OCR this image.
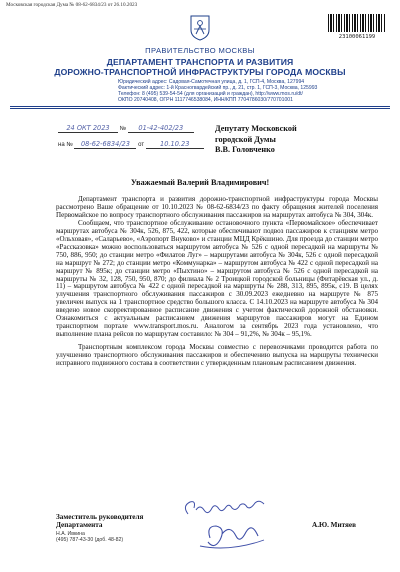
Московская городская Дума № 08-62-6834/23 от 26.10.2023
23100061199
ПРАВИТЕЛЬСТВО МОСКВЫ
ДЕПАРТАМЕНТ ТРАНСПОРТА И РАЗВИТИЯ
ДОРОЖНО-ТРАНСПОРТНОЙ ИНФРАСТРУКТУРЫ ГОРОДА МОСКВЫ
Юридический адрес: Садовая-Самотечная улица, д. 1, ГСП-4, Москва, 127994
Фактический адрес: 1-й Красногвардейский пр., д. 21, стр. 1, ГСП-3, Москва, 125993
Телефон: 8 (495) 539-54-54 (для организаций и граждан), http://www.mos.ru/dt/
ОКПО 20740408, ОГРН 1117746538084, ИНН/КПП 7704786030/770701001
24 ОКТ 2023 № 01-42-402/23
на № 08-62-6834/23 от 10.10.23
Депутату Московской
городской Думы
В.В. Головченко
Уважаемый Валерий Владимирович!

Департамент транспорта и развития дорожно-транспортной инфраструктуры города Москвы рассмотрено Ваше обращение от 10.10.2023 № 08-62-6834/23 по факту обращения жителей поселения Первомайское по вопросу транспортного обслуживания пассажиров на маршрутах автобуса № 304, 304к.

Сообщаем, что транспортное обслуживание остановочного пункта «Первомайское» обеспечивает маршрутах автобуса № 304к, 526, 875, 422, которые обеспечивают подвоз пассажиров к станциям метро «Ольховая», «Саларьево», «Аэропорт Внуково» и станции МЦД Крёкшино. Для проезда до станции метро «Рассказовка» можно воспользоваться маршрутом автобуса № 526 с одной пересадкой на маршруты № 750, 886, 950; до станции метро «Филатов Луг» – маршрутами автобуса № 304к, 526 с одной пересадкой на маршрут № 272; до станции метро «Коммунарка» – маршрутом автобуса № 422 с одной пересадкой на маршрут № 895к; до станции метро «Пыхтино» – маршрутом автобуса № 526 с одной пересадкой на маршруты № 32, 128, 750, 950, 870; до филиала № 2 Троицкой городской больницы (Фитарёвская ул., д. 11) – маршрутом автобуса № 422 с одной пересадкой на маршруты № 288, 313, 895, 895к, с19. В целях улучшения транспортного обслуживания пассажиров с 30.09.2023 ежедневно на маршруте № 875 увеличен выпуск на 1 транспортное средство большого класса. С 14.10.2023 на маршруте автобуса № 304 введено новое скорректированное расписание движения с учетом фактической дорожной обстановки. Ознакомиться с актуальным расписанием движения маршрутов пассажиров могут на Едином транспортном портале www.transport.mos.ru. Аналогом за сентябрь 2023 года установлено, что выполнение плана рейсов по маршрутам составило: № 304 – 91,2%, № 304к – 95,1%.

Транспортным комплексом города Москвы совместно с перевозчиками проводится работа по улучшению транспортного обслуживания пассажиров и обеспечению выпуска на маршруты технически исправного подвижного состава в соответствии с утвержденным плановым расписанием движения.

Заместитель руководителя
Департамента	А.Ю. Митяев
Н.А. Ивкина
(495) 787-43-30 (доб. 48-82)
